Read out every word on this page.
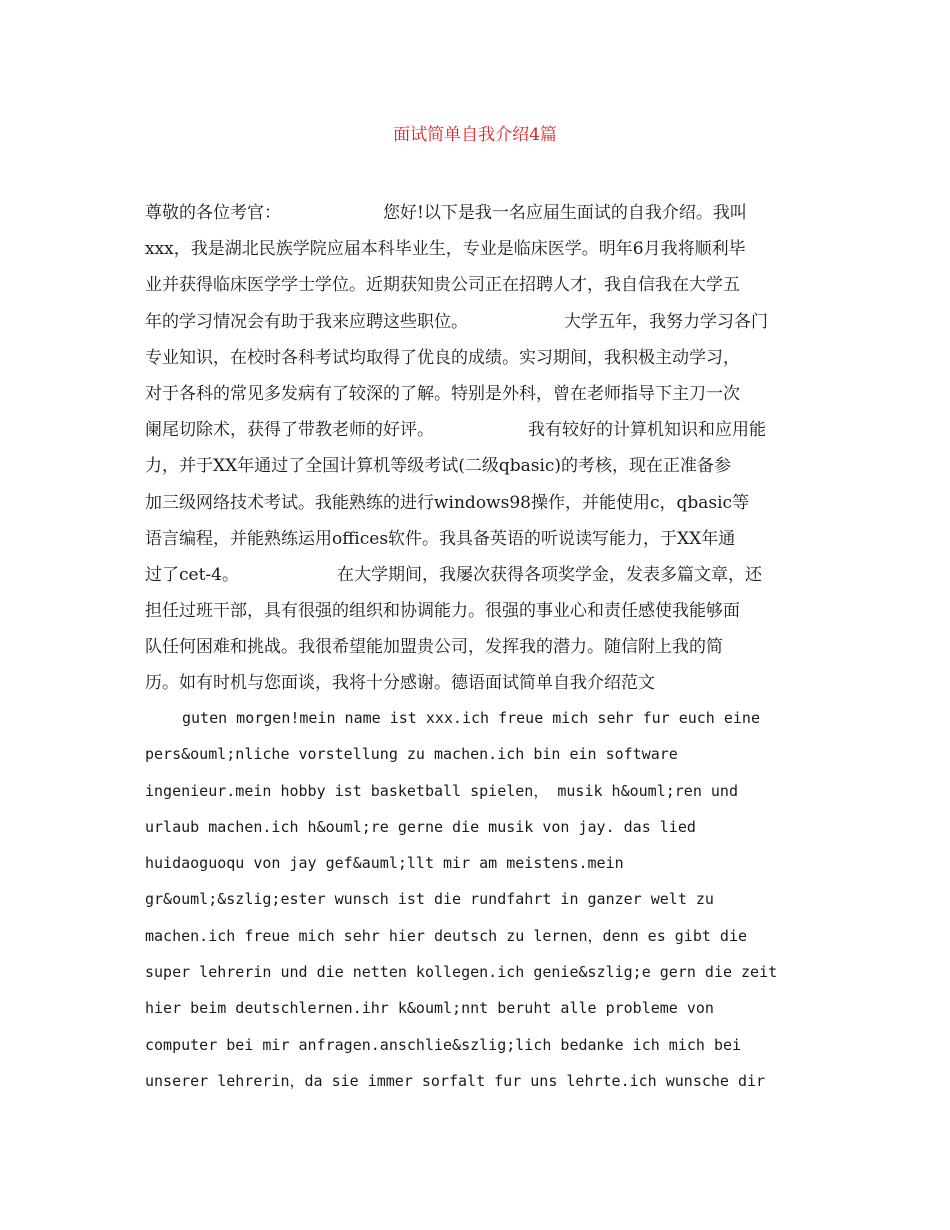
面试简单自我介绍4篇
尊敬的各位考官：	您好!以下是我一名应届生面试的自我介绍。我叫
xxx，我是湖北民族学院应届本科毕业生，专业是临床医学。明年6月我将顺利毕
业并获得临床医学学士学位。近期获知贵公司正在招聘人才，我自信我在大学五
年的学习情况会有助于我来应聘这些职位。	大学五年，我努力学习各门
专业知识，在校时各科考试均取得了优良的成绩。实习期间，我积极主动学习，
对于各科的常见多发病有了较深的了解。特别是外科，曾在老师指导下主刀一次
阑尾切除术，获得了带教老师的好评。	我有较好的计算机知识和应用能
力，并于XX年通过了全国计算机等级考试(二级qbasic)的考核，现在正准备参
加三级网络技术考试。我能熟练的进行windows98操作，并能使用c，qbasic等
语言编程，并能熟练运用offices软件。我具备英语的听说读写能力，于XX年通
过了cet-4。	在大学期间，我屡次获得各项奖学金，发表多篇文章，还
担任过班干部，具有很强的组织和协调能力。很强的事业心和责任感使我能够面
队任何困难和挑战。我很希望能加盟贵公司，发挥我的潜力。随信附上我的简
历。如有时机与您面谈，我将十分感谢。德语面试简单自我介绍范文
guten morgen!mein name ist xxx.ich freue mich sehr fur euch eine
pers&ouml;nliche vorstellung zu machen.ich bin ein software
ingenieur.mein hobby ist basketball spielen， musik h&ouml;ren und
urlaub machen.ich h&ouml;re gerne die musik von jay. das lied
huidaoguoqu von jay gef&auml;llt mir am meistens.mein
gr&ouml;&szlig;ester wunsch ist die rundfahrt in ganzer welt zu
machen.ich freue mich sehr hier deutsch zu lernen，denn es gibt die
super lehrerin und die netten kollegen.ich genie&szlig;e gern die zeit
hier beim deutschlernen.ihr k&ouml;nnt beruht alle probleme von
computer bei mir anfragen.anschlie&szlig;lich bedanke ich mich bei
unserer lehrerin，da sie immer sorfalt fur uns lehrte.ich wunsche dir
